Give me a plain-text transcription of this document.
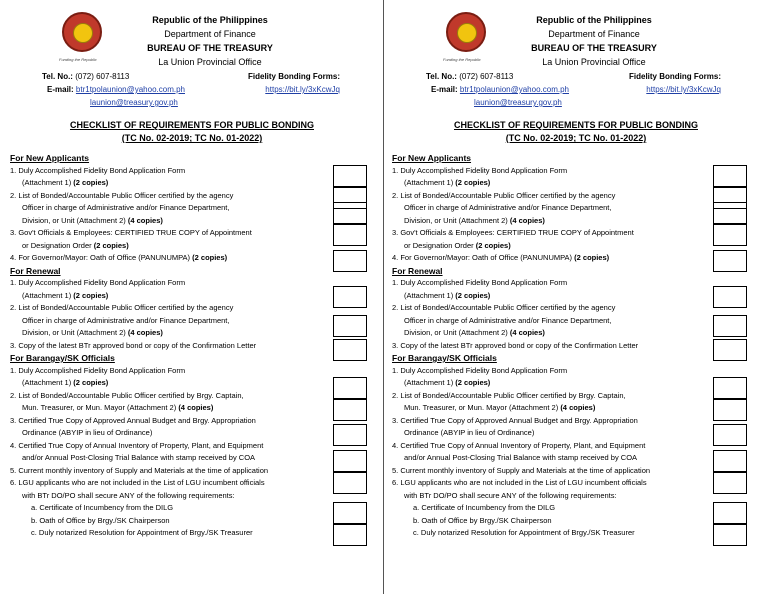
Funding the Republic
Republic of the Philippines
Department of Finance
BUREAU OF THE TREASURY
La Union Provincial Office
Tel. No.: (072) 607-8113
E-mail: btr1tpolaunion@yahoo.com.ph
launion@treasury.gov.ph
Fidelity Bonding Forms:
https://bit.ly/3xKcwJq
CHECKLIST OF REQUIREMENTS FOR PUBLIC BONDING
(TC No. 02-2019; TC No. 01-2022)
For New Applicants
1. Duly Accomplished Fidelity Bond Application Form
(Attachment 1) (2 copies)
2. List of Bonded/Accountable Public Officer certified by the agency
Officer in charge of Administrative and/or Finance Department,
Division, or Unit (Attachment 2) (4 copies)
3. Gov't Officials & Employees: CERTIFIED TRUE COPY of Appointment
or Designation Order (2 copies)
4. For Governor/Mayor: Oath of Office (PANUNUMPA) (2 copies)
For Renewal
1. Duly Accomplished Fidelity Bond Application Form
(Attachment 1) (2 copies)
2. List of Bonded/Accountable Public Officer certified by the agency
Officer in charge of Administrative and/or Finance Department,
Division, or Unit (Attachment 2) (4 copies)
3. Copy of the latest BTr approved bond or copy of the Confirmation Letter
For Barangay/SK Officials
1. Duly Accomplished Fidelity Bond Application Form
(Attachment 1) (2 copies)
2. List of Bonded/Accountable Public Officer certified by Brgy. Captain,
Mun. Treasurer, or Mun. Mayor (Attachment 2) (4 copies)
3. Certified True Copy of Approved Annual Budget and Brgy. Appropriation
Ordinance (ABYIP in lieu of Ordinance)
4. Certified True Copy of Annual Inventory of Property, Plant, and Equipment
and/or Annual Post-Closing Trial Balance with stamp received by COA
5. Current monthly inventory of Supply and Materials at the time of application
6. LGU applicants who are not included in the List of LGU incumbent officials
with BTr DO/PO shall secure ANY of the following requirements:
a. Certificate of Incumbency from the DILG
b. Oath of Office by Brgy./SK Chairperson
c. Duly notarized Resolution for Appointment of Brgy./SK Treasurer
Funding the Republic
Republic of the Philippines
Department of Finance
BUREAU OF THE TREASURY
La Union Provincial Office
Tel. No.: (072) 607-8113
E-mail: btr1tpolaunion@yahoo.com.ph
launion@treasury.gov.ph
Fidelity Bonding Forms:
https://bit.ly/3xKcwJq
CHECKLIST OF REQUIREMENTS FOR PUBLIC BONDING
(TC No. 02-2019; TC No. 01-2022)
For New Applicants
1. Duly Accomplished Fidelity Bond Application Form
(Attachment 1) (2 copies)
2. List of Bonded/Accountable Public Officer certified by the agency
Officer in charge of Administrative and/or Finance Department,
Division, or Unit (Attachment 2) (4 copies)
3. Gov't Officials & Employees: CERTIFIED TRUE COPY of Appointment
or Designation Order (2 copies)
4. For Governor/Mayor: Oath of Office (PANUNUMPA) (2 copies)
For Renewal
1. Duly Accomplished Fidelity Bond Application Form
(Attachment 1) (2 copies)
2. List of Bonded/Accountable Public Officer certified by the agency
Officer in charge of Administrative and/or Finance Department,
Division, or Unit (Attachment 2) (4 copies)
3. Copy of the latest BTr approved bond or copy of the Confirmation Letter
For Barangay/SK Officials
1. Duly Accomplished Fidelity Bond Application Form
(Attachment 1) (2 copies)
2. List of Bonded/Accountable Public Officer certified by Brgy. Captain,
Mun. Treasurer, or Mun. Mayor (Attachment 2) (4 copies)
3. Certified True Copy of Approved Annual Budget and Brgy. Appropriation
Ordinance (ABYIP in lieu of Ordinance)
4. Certified True Copy of Annual Inventory of Property, Plant, and Equipment
and/or Annual Post-Closing Trial Balance with stamp received by COA
5. Current monthly inventory of Supply and Materials at the time of application
6. LGU applicants who are not included in the List of LGU incumbent officials
with BTr DO/PO shall secure ANY of the following requirements:
a. Certificate of Incumbency from the DILG
b. Oath of Office by Brgy./SK Chairperson
c. Duly notarized Resolution for Appointment of Brgy./SK Treasurer
